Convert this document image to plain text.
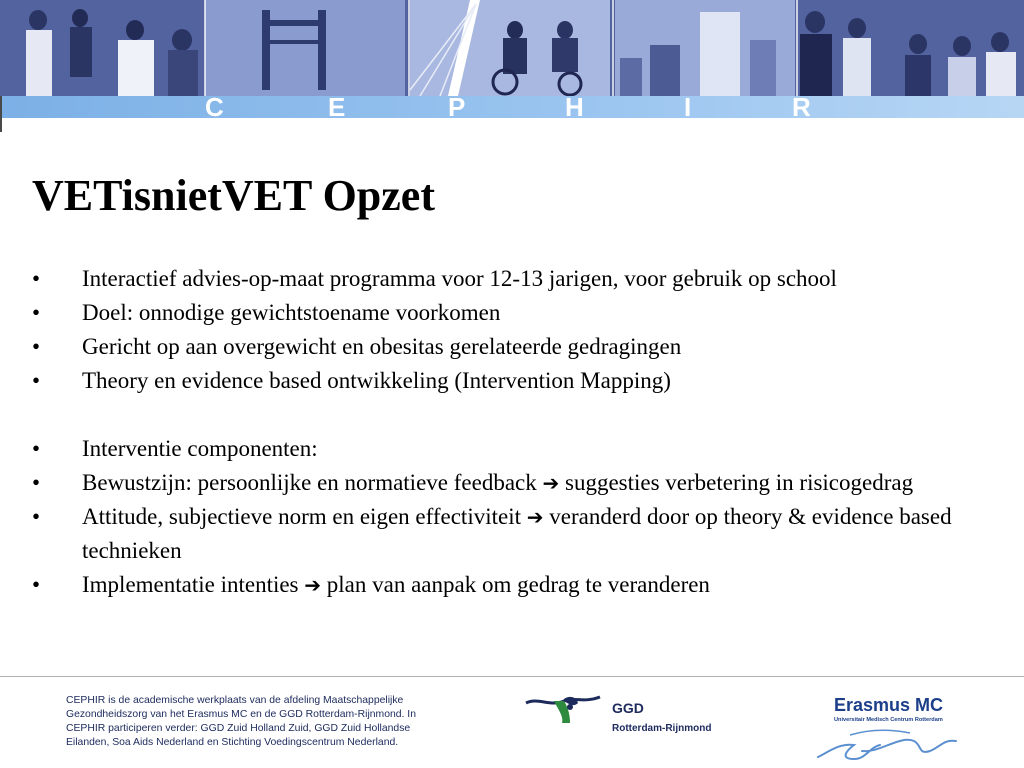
C	E	P	H	I	R
VETisnietVET Opzet
•	Interactief advies-op-maat programma voor 12-13 jarigen, voor gebruik op school
•	Doel: onnodige gewichtstoename voorkomen
•	Gericht op aan overgewicht en obesitas gerelateerde gedragingen
•	Theory en evidence based ontwikkeling (Intervention Mapping)
•	Interventie componenten:
•	Bewustzijn: persoonlijke en normatieve feedback ➔ suggesties verbetering in risicogedrag
•	Attitude, subjectieve norm en eigen effectiviteit ➔ veranderd door op theory & evidence based technieken
•	Implementatie intenties ➔ plan van aanpak om gedrag te veranderen
CEPHIR is de academische werkplaats van de afdeling Maatschappelijke
Gezondheidszorg van het Erasmus MC en de GGD Rotterdam-Rijnmond. In
CEPHIR participeren verder: GGD Zuid Holland Zuid, GGD Zuid Hollandse
Eilanden, Soa Aids Nederland en Stichting Voedingscentrum Nederland.
GGD
Rotterdam-Rijnmond
Erasmus MC
Universitair Medisch Centrum Rotterdam
